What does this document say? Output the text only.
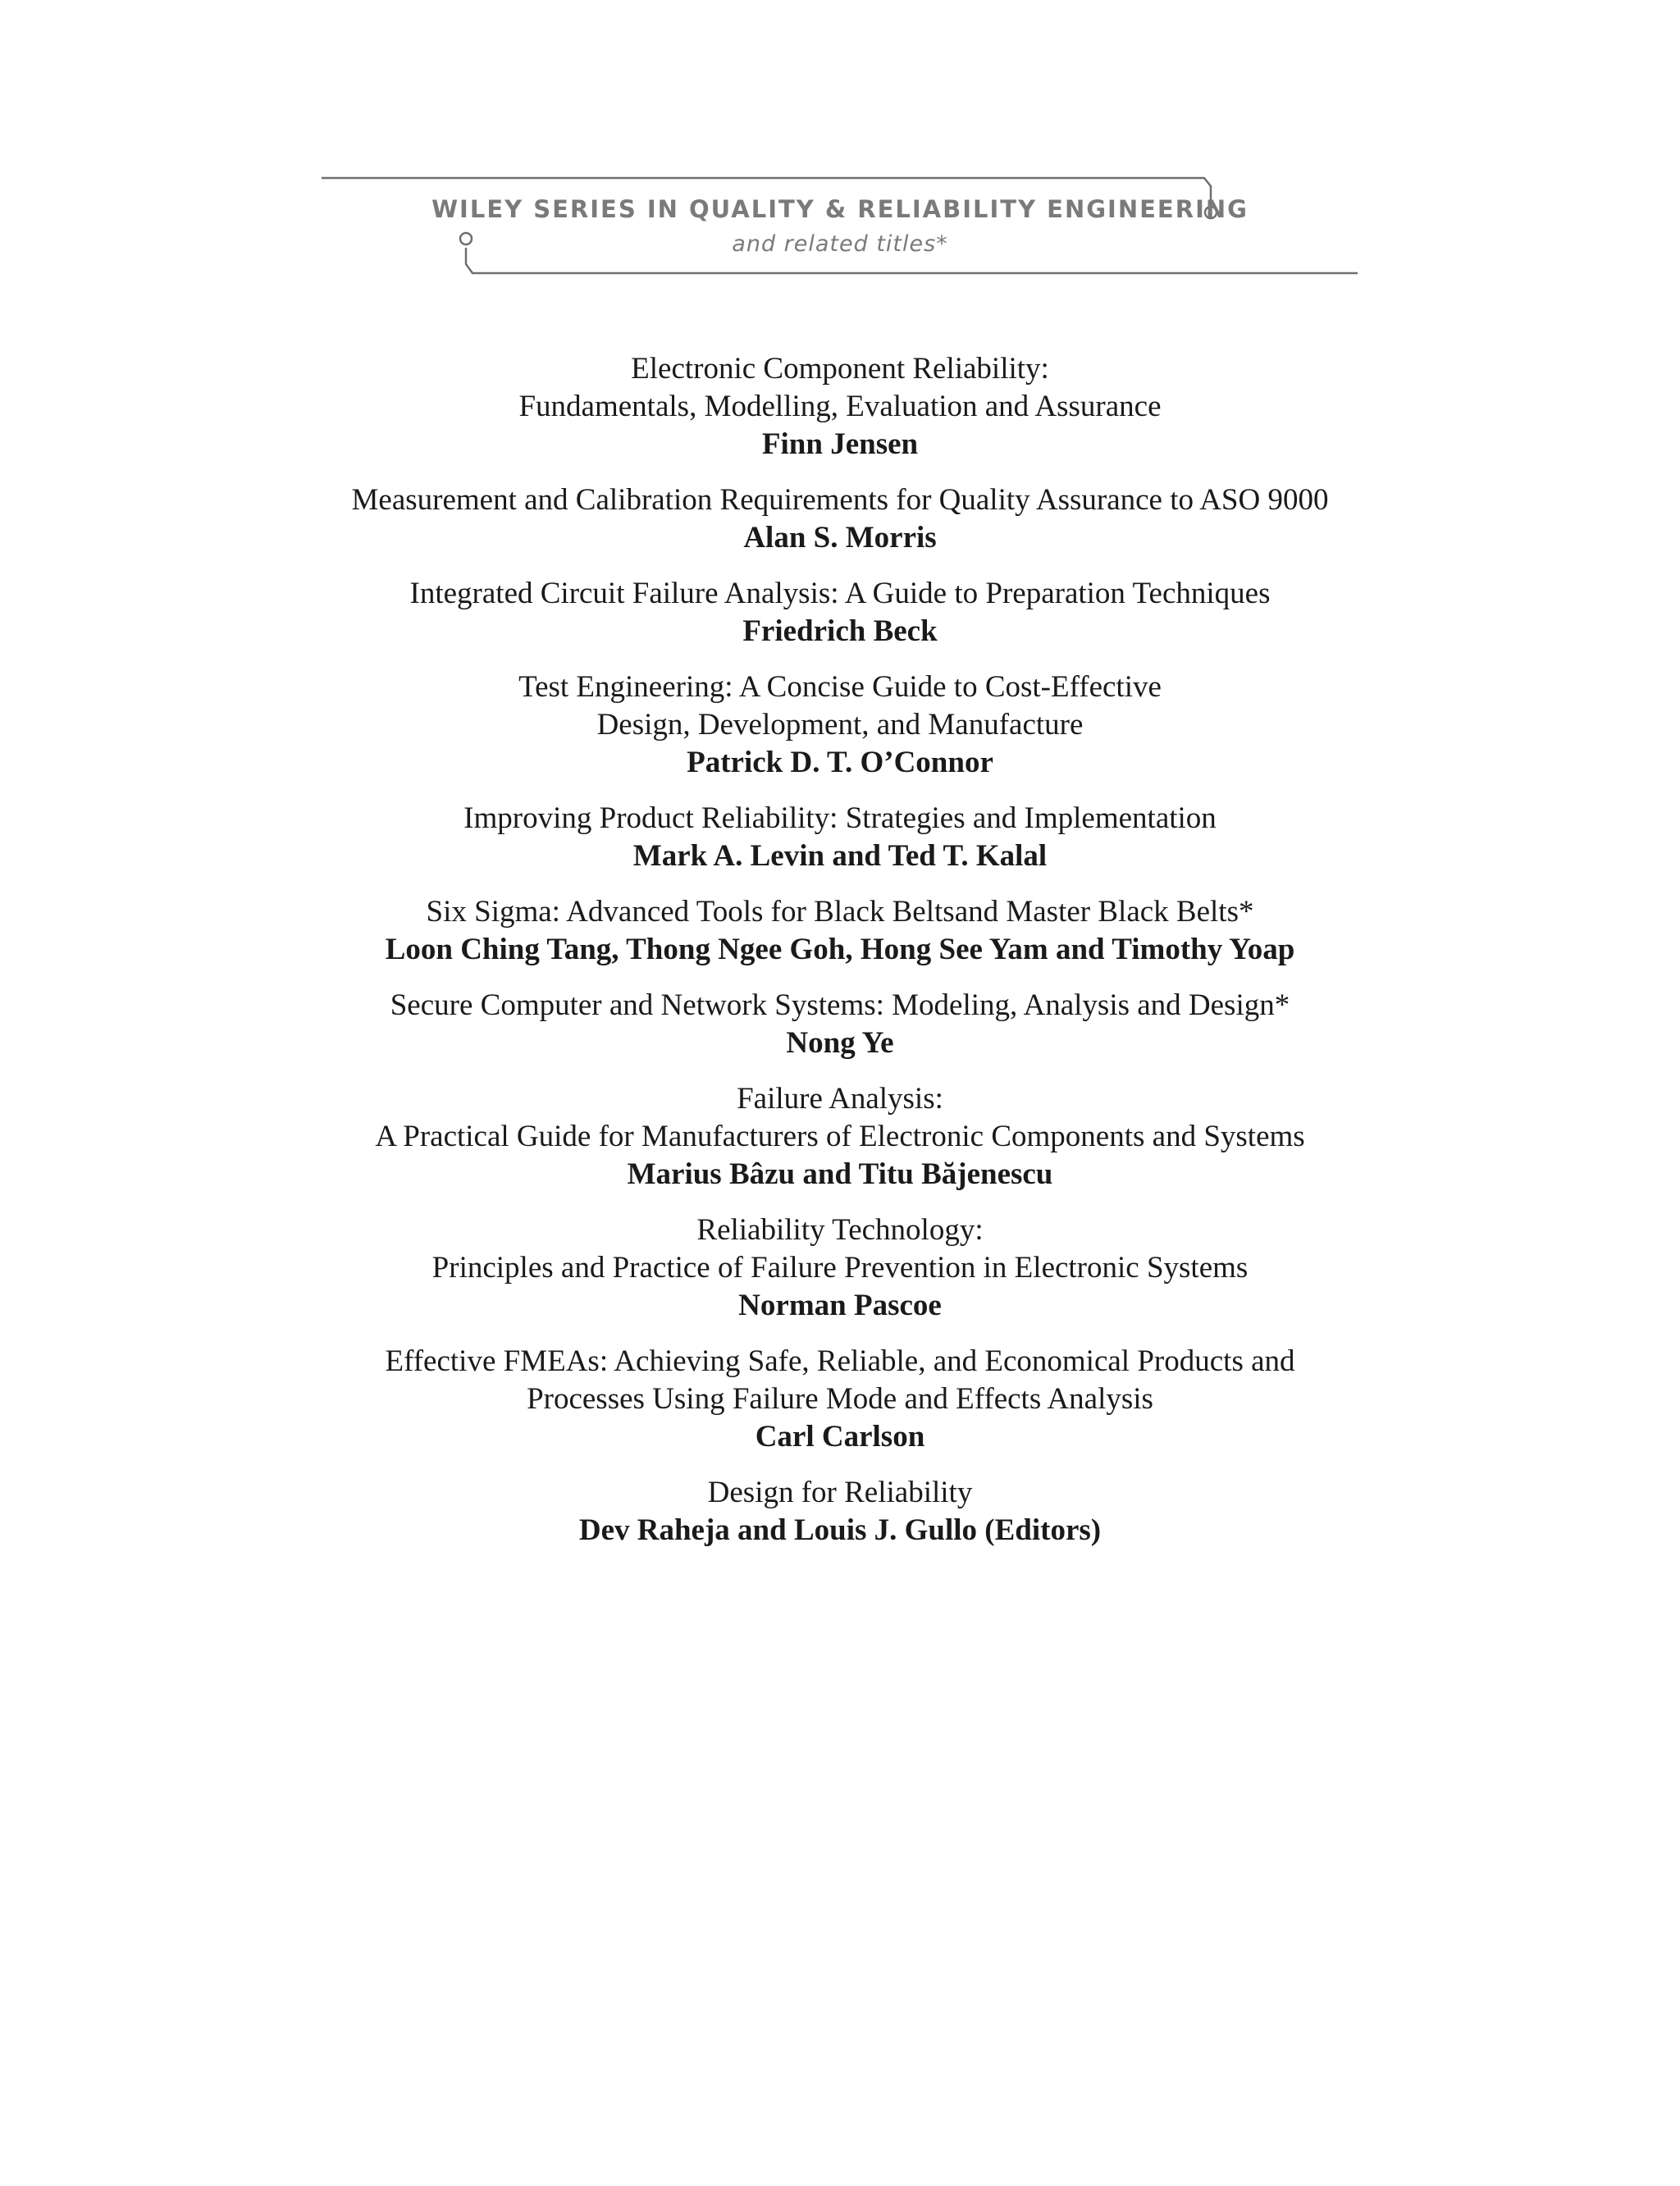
WILEY SERIES IN QUALITY & RELIABILITY ENGINEERING
and related titles*
Electronic Component Reliability:
Fundamentals, Modelling, Evaluation and Assurance
Finn Jensen
Measurement and Calibration Requirements for Quality Assurance to ASO 9000
Alan S. Morris
Integrated Circuit Failure Analysis: A Guide to Preparation Techniques
Friedrich Beck
Test Engineering: A Concise Guide to Cost-Effective
Design, Development, and Manufacture
Patrick D. T. O’Connor
Improving Product Reliability: Strategies and Implementation
Mark A. Levin and Ted T. Kalal
Six Sigma: Advanced Tools for Black Beltsand Master Black Belts*
Loon Ching Tang, Thong Ngee Goh, Hong See Yam and Timothy Yoap
Secure Computer and Network Systems: Modeling, Analysis and Design*
Nong Ye
Failure Analysis:
A Practical Guide for Manufacturers of Electronic Components and Systems
Marius Bâzu and Titu Băjenescu
Reliability Technology:
Principles and Practice of Failure Prevention in Electronic Systems
Norman Pascoe
Effective FMEAs: Achieving Safe, Reliable, and Economical Products and
Processes Using Failure Mode and Effects Analysis
Carl Carlson
Design for Reliability
Dev Raheja and Louis J. Gullo (Editors)
